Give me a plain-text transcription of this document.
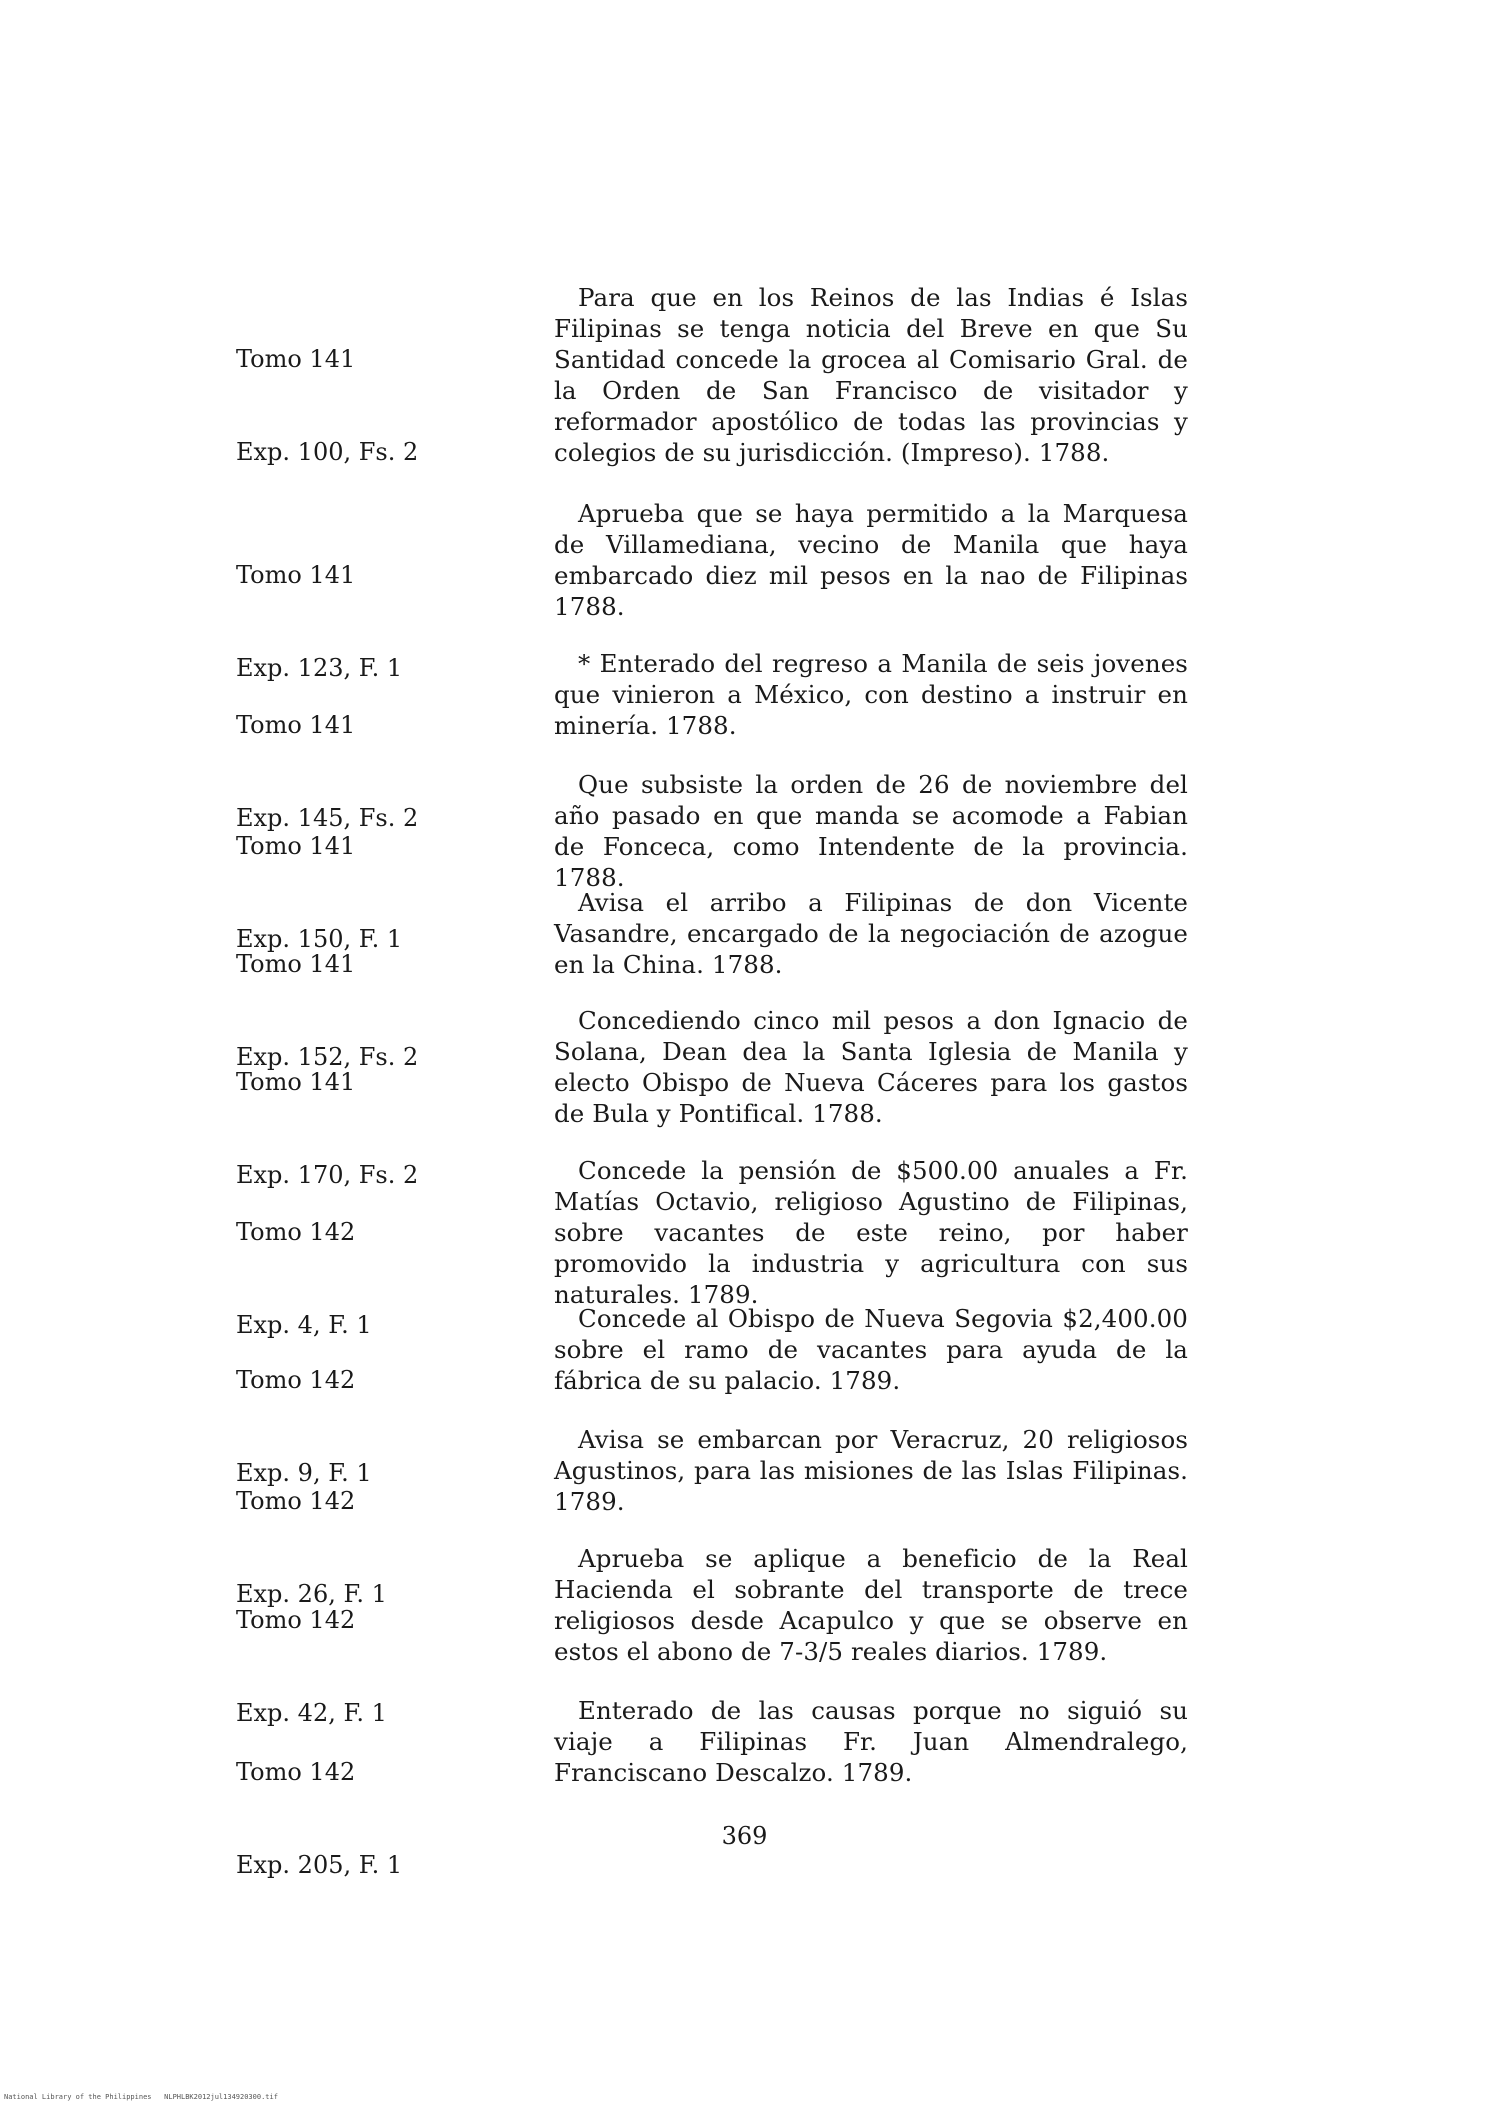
Tomo 141

Exp. 100, Fs. 2

Para que en los Reinos de las Indias é Islas Filipinas se tenga noticia del Breve en que Su Santidad concede la grocea al Comisario Gral. de la Orden de San Francisco de visitador y reformador apostólico de todas las provincias y colegios de su jurisdicción. (Impreso). 1788.

Tomo 141

Exp. 123, F. 1

Aprueba que se haya permitido a la Marquesa de Villamediana, vecino de Manila que haya embarcado diez mil pesos en la nao de Filipinas 1788.

Tomo 141

Exp. 145, Fs. 2

* Enterado del regreso a Manila de seis jovenes que vinieron a México, con destino a instruir en minería. 1788.

Tomo 141

Exp. 150, F. 1

Que subsiste la orden de 26 de noviembre del año pasado en que manda se acomode a Fabian de Fonceca, como Intendente de la provincia. 1788.

Tomo 141

Exp. 152, Fs. 2

Avisa el arribo a Filipinas de don Vicente Vasandre, encargado de la negociación de azogue en la China. 1788.

Tomo 141

Exp. 170, Fs. 2

Concediendo cinco mil pesos a don Ignacio de Solana, Dean dea la Santa Iglesia de Manila y electo Obispo de Nueva Cáceres para los gastos de Bula y Pontifical. 1788.

Tomo 142

Exp. 4, F. 1

Concede la pensión de $500.00 anuales a Fr. Matías Octavio, religioso Agustino de Filipinas, sobre vacantes de este reino, por haber promovido la industria y agricultura con sus naturales. 1789.

Tomo 142

Exp. 9, F. 1

Concede al Obispo de Nueva Segovia $2,400.00 sobre el ramo de vacantes para ayuda de la fábrica de su palacio. 1789.

Tomo 142

Exp. 26, F. 1

Avisa se embarcan por Veracruz, 20 religiosos Agustinos, para las misiones de las Islas Filipinas. 1789.

Tomo 142

Exp. 42, F. 1

Aprueba se aplique a beneficio de la Real Hacienda el sobrante del transporte de trece religiosos desde Acapulco y que se observe en estos el abono de 7-3/5 reales diarios. 1789.

Tomo 142

Exp. 205, F. 1

Enterado de las causas porque no siguió su viaje a Filipinas Fr. Juan Almendralego, Franciscano Descalzo. 1789.
369
National Library of the Philippines   NLPHLBK2012jul134920300.tif
